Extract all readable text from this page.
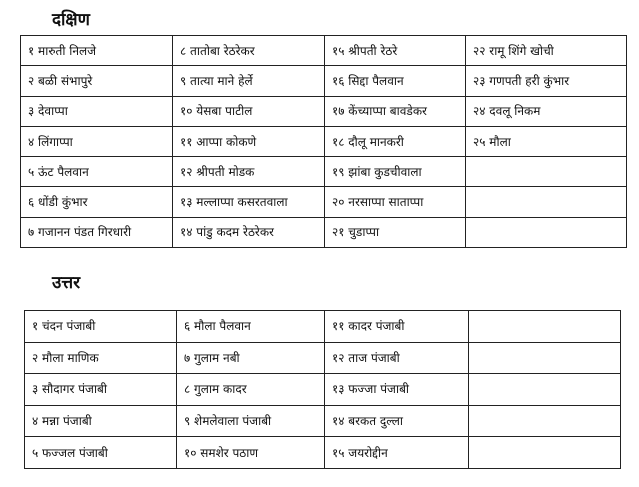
दक्षिण
१ मारुती निलजे	८ तातोबा रेठरेकर	१५ श्रीपती रेठरे	२२ रामू शिंगे खोची
२ बळी संभापुरे	९ तात्या माने हेर्ले	१६ सिद्दा पैलवान	२३ गणपती हरी कुंभार
३ देवाप्पा	१० येसबा पाटील	१७ केंच्याप्पा बावडेकर	२४ दवलू निकम
४ लिंगाप्पा	११ आप्पा कोकणे	१८ दौलू मानकरी	२५ मौला
५ ऊंट पैलवान	१२ श्रीपती मोडक	१९ झांबा कुडचीवाला	
६ धोंडी कुंभार	१३ मल्लाप्पा कसरतवाला	२० नरसाप्पा साताप्पा	
७ गजानन पंडत गिरधारी	१४ पांडु कदम रेठरेकर	२१ चुडाप्पा	
उत्तर
१ चंदन पंजाबी	६ मौला पैलवान	११ कादर पंजाबी	
२ मौला माणिक	७ गुलाम नबी	१२ ताज पंजाबी	
३ सौदागर पंजाबी	८ गुलाम कादर	१३ फज्जा पंजाबी	
४ मन्ना पंजाबी	९ शेमलेवाला पंजाबी	१४ बरकत दुल्ला	
५ फज्जल पंजाबी	१० समशेर पठाण	१५ जयरोद्दीन	
